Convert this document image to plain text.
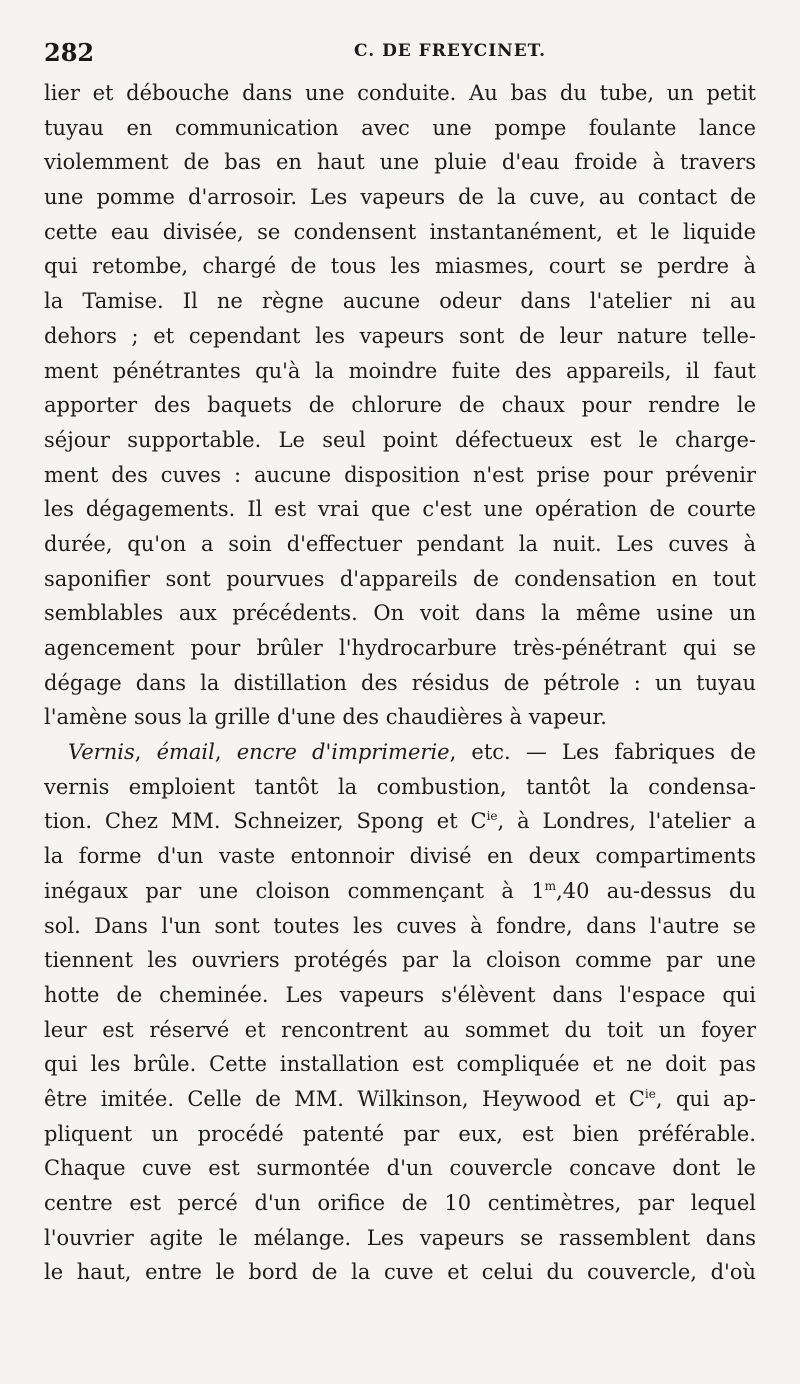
282	C. DE FREYCINET.
lier et débouche dans une conduite. Au bas du tube, un petit
tuyau en communication avec une pompe foulante lance
violemment de bas en haut une pluie d'eau froide à travers
une pomme d'arrosoir. Les vapeurs de la cuve, au contact de
cette eau divisée, se condensent instantanément, et le liquide
qui retombe, chargé de tous les miasmes, court se perdre à
la Tamise. Il ne règne aucune odeur dans l'atelier ni au
dehors ; et cependant les vapeurs sont de leur nature telle-
ment pénétrantes qu'à la moindre fuite des appareils, il faut
apporter des baquets de chlorure de chaux pour rendre le
séjour supportable. Le seul point défectueux est le charge-
ment des cuves : aucune disposition n'est prise pour prévenir
les dégagements. Il est vrai que c'est une opération de courte
durée, qu'on a soin d'effectuer pendant la nuit. Les cuves à
saponifier sont pourvues d'appareils de condensation en tout
semblables aux précédents. On voit dans la même usine un
agencement pour brûler l'hydrocarbure très-pénétrant qui se
dégage dans la distillation des résidus de pétrole : un tuyau
l'amène sous la grille d'une des chaudières à vapeur.
Vernis, émail, encre d'imprimerie, etc. — Les fabriques de
vernis emploient tantôt la combustion, tantôt la condensa-
tion. Chez MM. Schneizer, Spong et $C^{ie}$, à Londres, l'atelier a
la forme d'un vaste entonnoir divisé en deux compartiments
inégaux par une cloison commençant à 1$^m$,40 au-dessus du
sol. Dans l'un sont toutes les cuves à fondre, dans l'autre se
tiennent les ouvriers protégés par la cloison comme par une
hotte de cheminée. Les vapeurs s'élèvent dans l'espace qui
leur est réservé et rencontrent au sommet du toit un foyer
qui les brûle. Cette installation est compliquée et ne doit pas
être imitée. Celle de MM. Wilkinson, Heywood et $C^{ie}$, qui ap-
pliquent un procédé patenté par eux, est bien préférable.
Chaque cuve est surmontée d'un couvercle concave dont le
centre est percé d'un orifice de 10 centimètres, par lequel
l'ouvrier agite le mélange. Les vapeurs se rassemblent dans
le haut, entre le bord de la cuve et celui du couvercle, d'où
